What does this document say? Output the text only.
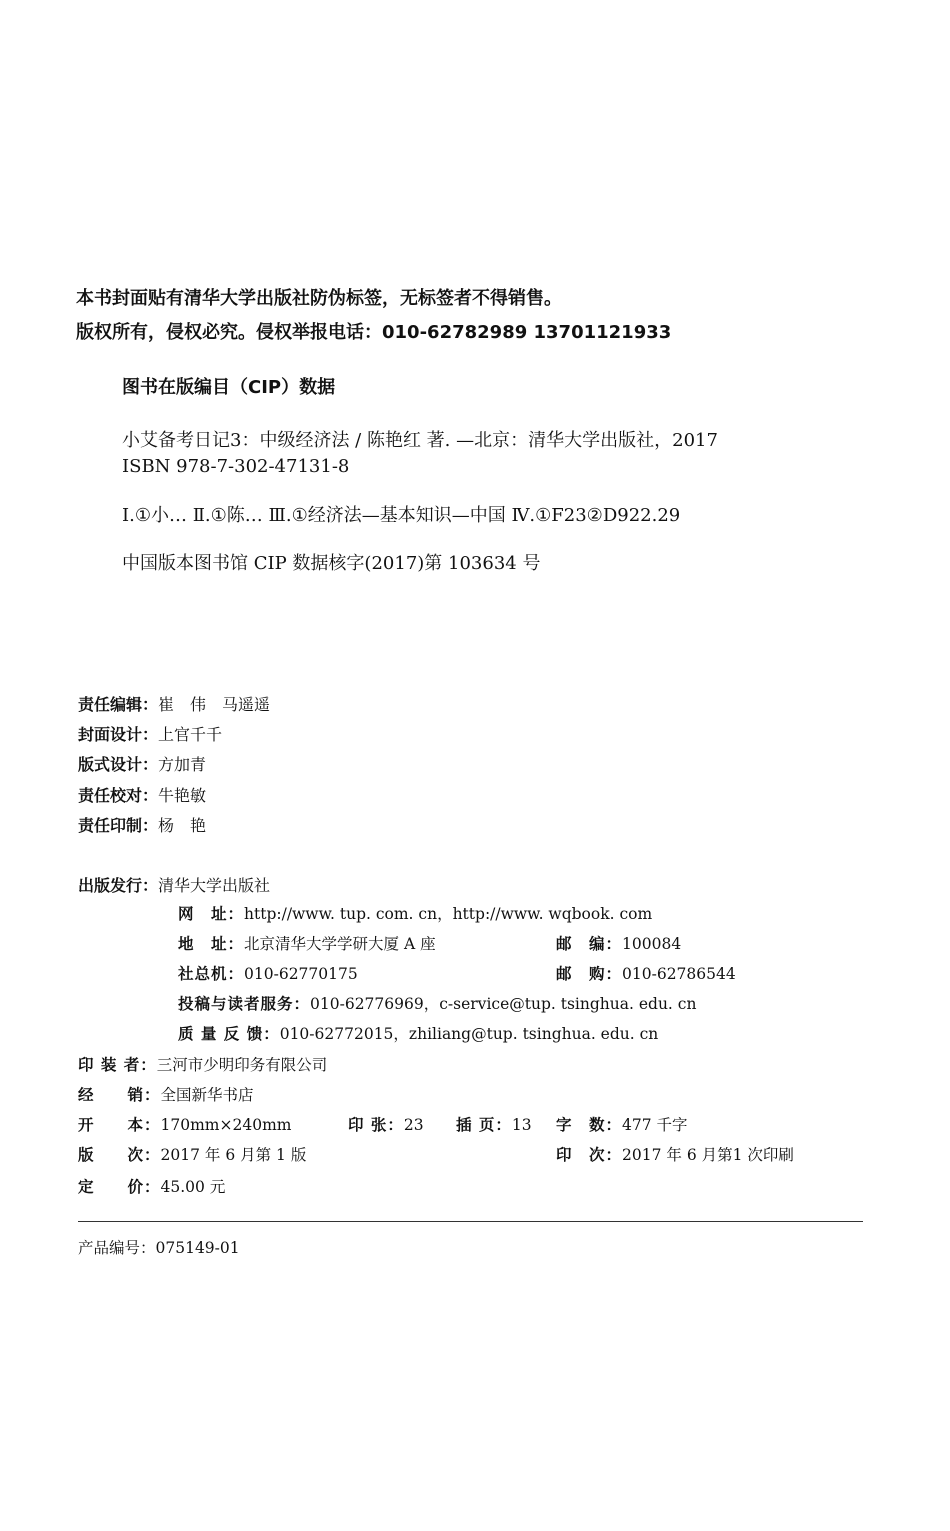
本书封面贴有清华大学出版社防伪标签，无标签者不得销售。
版权所有，侵权必究。侵权举报电话：010-62782989 13701121933
图书在版编目（CIP）数据
小艾备考日记3：中级经济法 / 陈艳红 著. —北京：清华大学出版社，2017
ISBN 978-7-302-47131-8
Ⅰ.①小… Ⅱ.①陈… Ⅲ.①经济法—基本知识—中国 Ⅳ.①F23②D922.29
中国版本图书馆 CIP 数据核字(2017)第 103634 号
责任编辑：崔　伟　马遥遥
封面设计：上官千千
版式设计：方加青
责任校对：牛艳敏
责任印制：杨　艳
出版发行：清华大学出版社
网　址：http://www. tup. com. cn，http://www. wqbook. com
地　址：北京清华大学学研大厦 A 座	邮　编：100084
社总机：010-62770175	邮　购：010-62786544
投稿与读者服务：010-62776969，c-service@tup. tsinghua. edu. cn
质 量 反 馈：010-62772015，zhiliang@tup. tsinghua. edu. cn
印 装 者：三河市少明印务有限公司
经　　销：全国新华书店
开　　本：170mm×240mm	印 张：23 插 页：13 字　数：477 千字
版　　次：2017 年 6 月第 1 版	印　次：2017 年 6 月第1 次印刷
定　　价：45.00 元
产品编号：075149-01
